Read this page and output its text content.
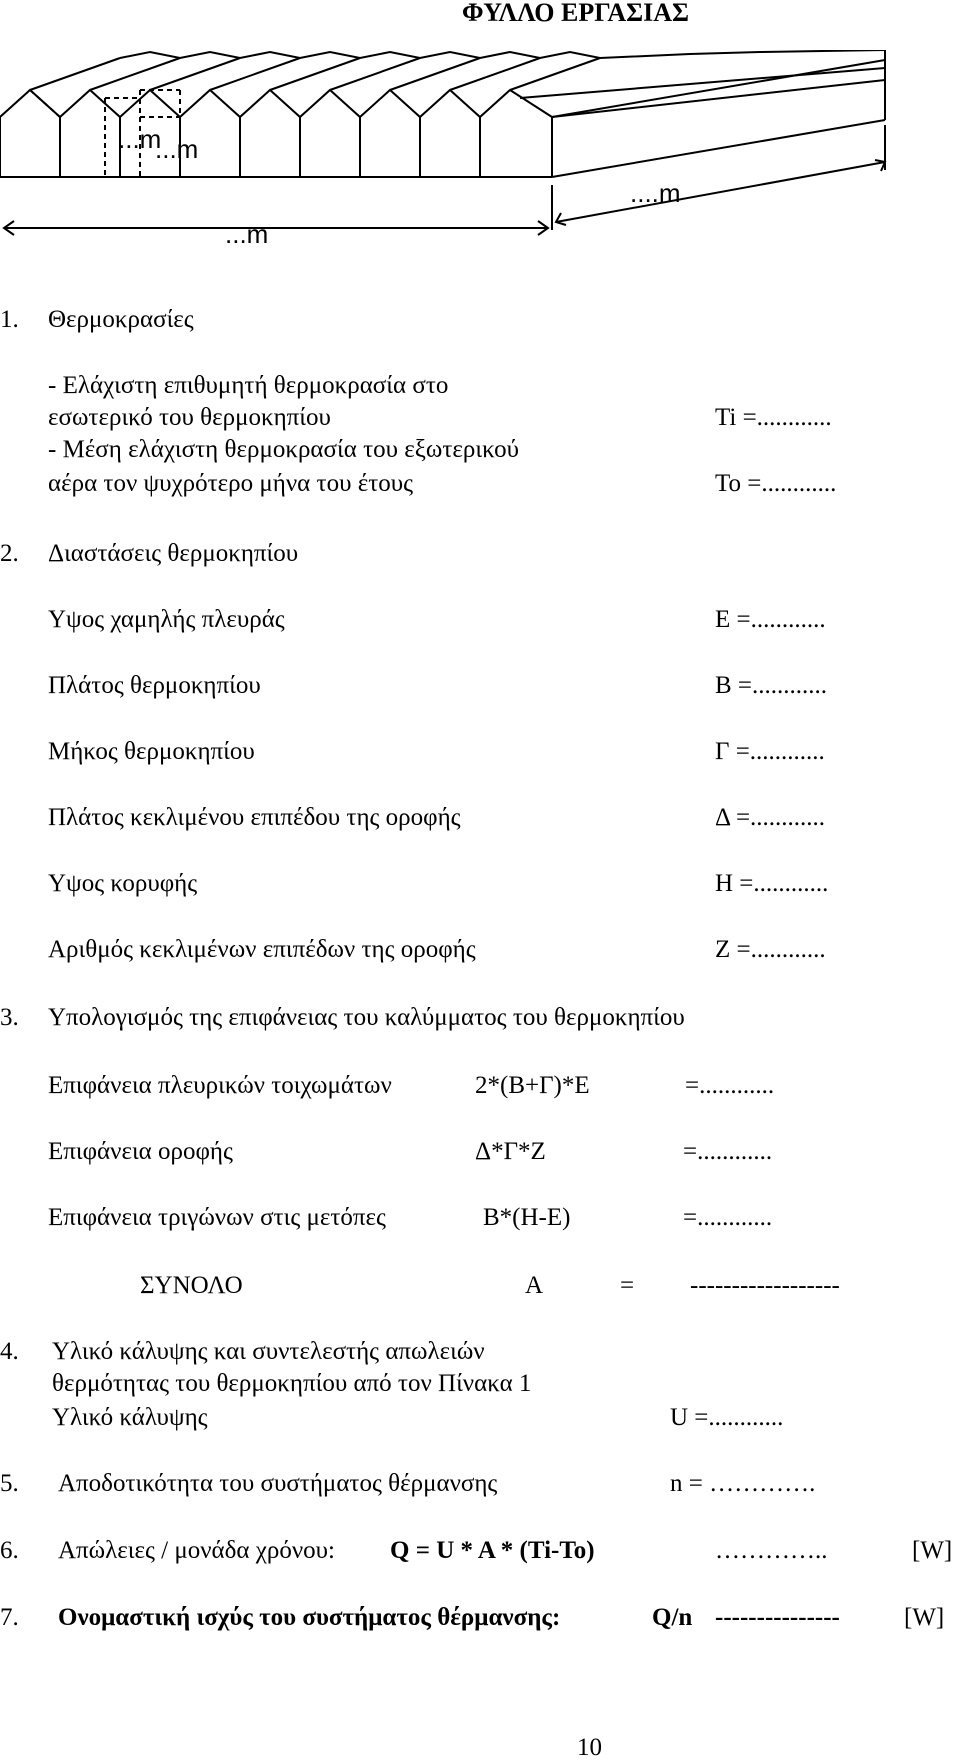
ΦΥΛΛΟ ΕΡΓΑΣΙΑΣ
...m
...m
...m
....m
1. Θερμοκρασίες
- Ελάχιστη επιθυμητή θερμοκρασία στο
εσωτερικό του θερμοκηπίου	Ti =............
- Μέση ελάχιστη θερμοκρασία του εξωτερικού
αέρα τον ψυχρότερο μήνα του έτους	To =............
2. Διαστάσεις θερμοκηπίου
Υψος χαμηλής πλευράς	E =............
Πλάτος θερμοκηπίου	B =............
Μήκος θερμοκηπίου	Γ =............
Πλάτος κεκλιμένου επιπέδου της οροφής	Δ =............
Υψος κορυφής	H =............
Αριθμός κεκλιμένων επιπέδων της οροφής	Z =............
3. Υπολογισμός της επιφάνειας του καλύμματος του θερμοκηπίου
Επιφάνεια πλευρικών τοιχωμάτων	2*(B+Γ)*E	=............
Επιφάνεια οροφής	Δ*Γ*Ζ	=............
Επιφάνεια τριγώνων στις μετόπες	B*(H-E)	=............
ΣΥΝΟΛΟ	A	= ------------------
4. Υλικό κάλυψης και συντελεστής απωλειών
θερμότητας του θερμοκηπίου από τον Πίνακα 1
Υλικό κάλυψης	U =............
5. Αποδοτικότητα του συστήματος θέρμανσης	n = ………….
6. Απώλειες / μονάδα χρόνου: Q = U * A * (Ti-To)	…………..	[W]
7. Ονομαστική ισχύς του συστήματος θέρμανσης:	Q/n ---------------	[W]
10
